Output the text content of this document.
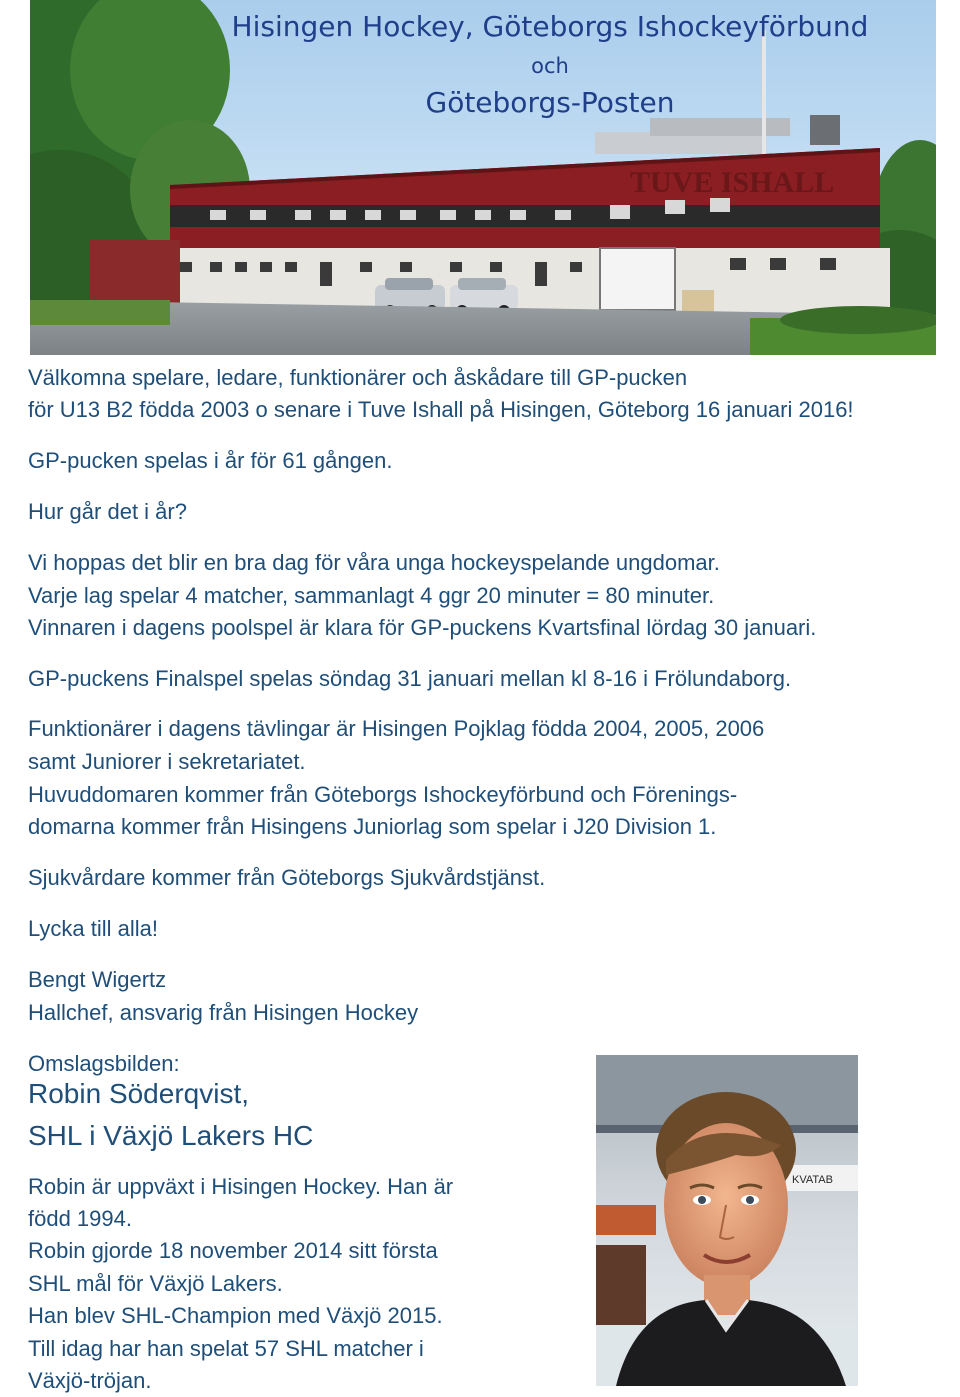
TUVE ISHALL
Hisingen Hockey, Göteborgs Ishockeyförbund
och
Göteborgs-Posten

Välkomna spelare, ledare, funktionärer och åskådare till GP-pucken

för U13 B2 födda 2003 o senare i Tuve Ishall på Hisingen, Göteborg 16 januari 2016!

GP-pucken spelas i år för 61 gången.

Hur går det i år?

Vi hoppas det blir en bra dag för våra unga hockeyspelande ungdomar.

Varje lag spelar 4 matcher, sammanlagt 4 ggr 20 minuter = 80 minuter.

Vinnaren i dagens poolspel är klara för GP-puckens Kvartsfinal lördag 30 januari.

GP-puckens Finalspel spelas söndag 31 januari mellan kl 8-16 i Frölundaborg.

Funktionärer i dagens tävlingar är Hisingen Pojklag födda 2004, 2005, 2006

samt Juniorer i sekretariatet.

Huvuddomaren kommer från Göteborgs Ishockeyförbund och Förenings-

domarna kommer från Hisingens Juniorlag som spelar i J20 Division 1.

Sjukvårdare kommer från Göteborgs Sjukvårdstjänst.

Lycka till alla!

Bengt Wigertz

Hallchef, ansvarig från Hisingen Hockey

Omslagsbilden:

Robin Söderqvist,

SHL i Växjö Lakers HC

Robin är uppväxt i Hisingen Hockey. Han är

född 1994.

Robin gjorde 18 november 2014 sitt första

SHL mål för Växjö Lakers.

Han blev SHL-Champion med Växjö 2015.

Till idag har han spelat 57 SHL matcher i

Växjö-tröjan.

KVATAB
